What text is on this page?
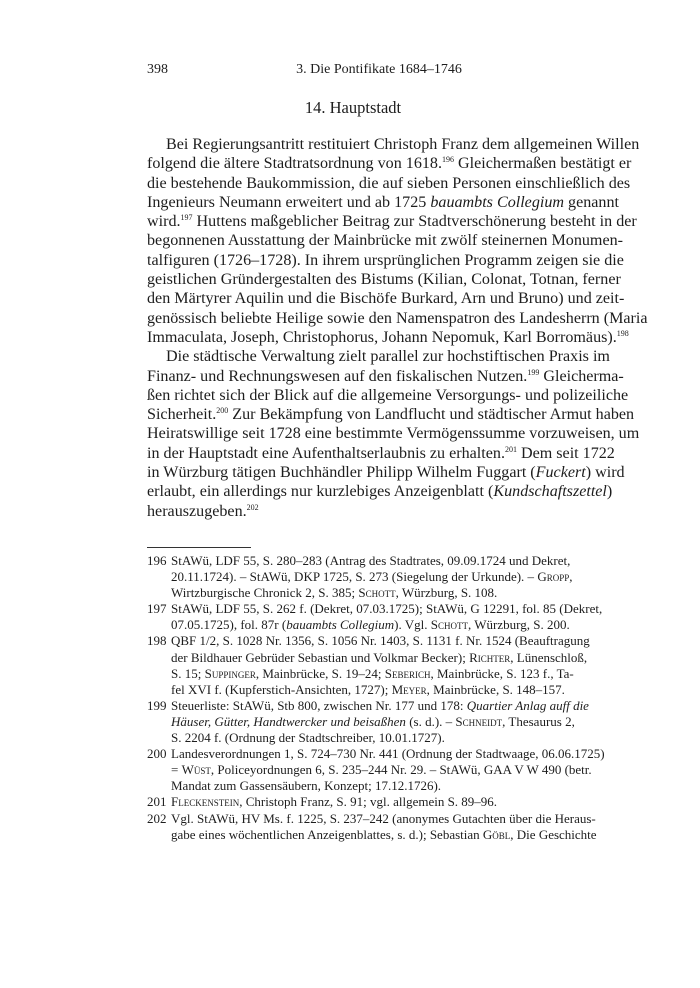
398	3. Die Pontifikate 1684–1746
14. Hauptstadt
Bei Regierungsantritt restituiert Christoph Franz dem allgemeinen Willen
folgend die ältere Stadtratsordnung von 1618.$^{196}$ Gleichermaßen bestätigt er
die bestehende Baukommission, die auf sieben Personen einschließlich des
Ingenieurs Neumann erweitert und ab 1725 bauambts Collegium genannt
wird.$^{197}$ Huttens maßgeblicher Beitrag zur Stadtverschönerung besteht in der
begonnenen Ausstattung der Mainbrücke mit zwölf steinernen Monumen-
talfiguren (1726–1728). In ihrem ursprünglichen Programm zeigen sie die
geistlichen Gründergestalten des Bistums (Kilian, Colonat, Totnan, ferner
den Märtyrer Aquilin und die Bischöfe Burkard, Arn und Bruno) und zeit-
genössisch beliebte Heilige sowie den Namenspatron des Landesherrn (Maria
Immaculata, Joseph, Christophorus, Johann Nepomuk, Karl Borromäus).$^{198}$
Die städtische Verwaltung zielt parallel zur hochstiftischen Praxis im
Finanz- und Rechnungswesen auf den fiskalischen Nutzen.$^{199}$ Gleicherma-
ßen richtet sich der Blick auf die allgemeine Versorgungs- und polizeiliche
Sicherheit.$^{200}$ Zur Bekämpfung von Landflucht und städtischer Armut haben
Heiratswillige seit 1728 eine bestimmte Vermögenssumme vorzuweisen, um
in der Hauptstadt eine Aufenthaltserlaubnis zu erhalten.$^{201}$ Dem seit 1722
in Würzburg tätigen Buchhändler Philipp Wilhelm Fuggart (Fuckert) wird
erlaubt, ein allerdings nur kurzlebiges Anzeigenblatt (Kundschaftszettel)
herauszugeben.$^{202}$
196 StAWü, LDF 55, S. 280–283 (Antrag des Stadtrates, 09.09.1724 und Dekret,
20.11.1724). – StAWü, DKP 1725, S. 273 (Siegelung der Urkunde). – Gropp,
Wirtzburgische Chronick 2, S. 385; Schott, Würzburg, S. 108.
197 StAWü, LDF 55, S. 262 f. (Dekret, 07.03.1725); StAWü, G 12291, fol. 85 (Dekret,
07.05.1725), fol. 87r (bauambts Collegium). Vgl. Schott, Würzburg, S. 200.
198 QBF 1/2, S. 1028 Nr. 1356, S. 1056 Nr. 1403, S. 1131 f. Nr. 1524 (Beauftragung
der Bildhauer Gebrüder Sebastian und Volkmar Becker); Richter, Lünenschloß,
S. 15; Suppinger, Mainbrücke, S. 19–24; Seberich, Mainbrücke, S. 123 f., Ta-
fel XVI f. (Kupferstich-Ansichten, 1727); Meyer, Mainbrücke, S. 148–157.
199 Steuerliste: StAWü, Stb 800, zwischen Nr. 177 und 178: Quartier Anlag auff die
Häuser, Gütter, Handtwercker und beisaßhen (s. d.). – Schneidt, Thesaurus 2,
S. 2204 f. (Ordnung der Stadtschreiber, 10.01.1727).
200 Landesverordnungen 1, S. 724–730 Nr. 441 (Ordnung der Stadtwaage, 06.06.1725)
= Wüst, Policeyordnungen 6, S. 235–244 Nr. 29. – StAWü, GAA V W 490 (betr.
Mandat zum Gassensäubern, Konzept; 17.12.1726).
201 Fleckenstein, Christoph Franz, S. 91; vgl. allgemein S. 89–96.
202 Vgl. StAWü, HV Ms. f. 1225, S. 237–242 (anonymes Gutachten über die Heraus-
gabe eines wöchentlichen Anzeigenblattes, s. d.); Sebastian Göbl, Die Geschichte
